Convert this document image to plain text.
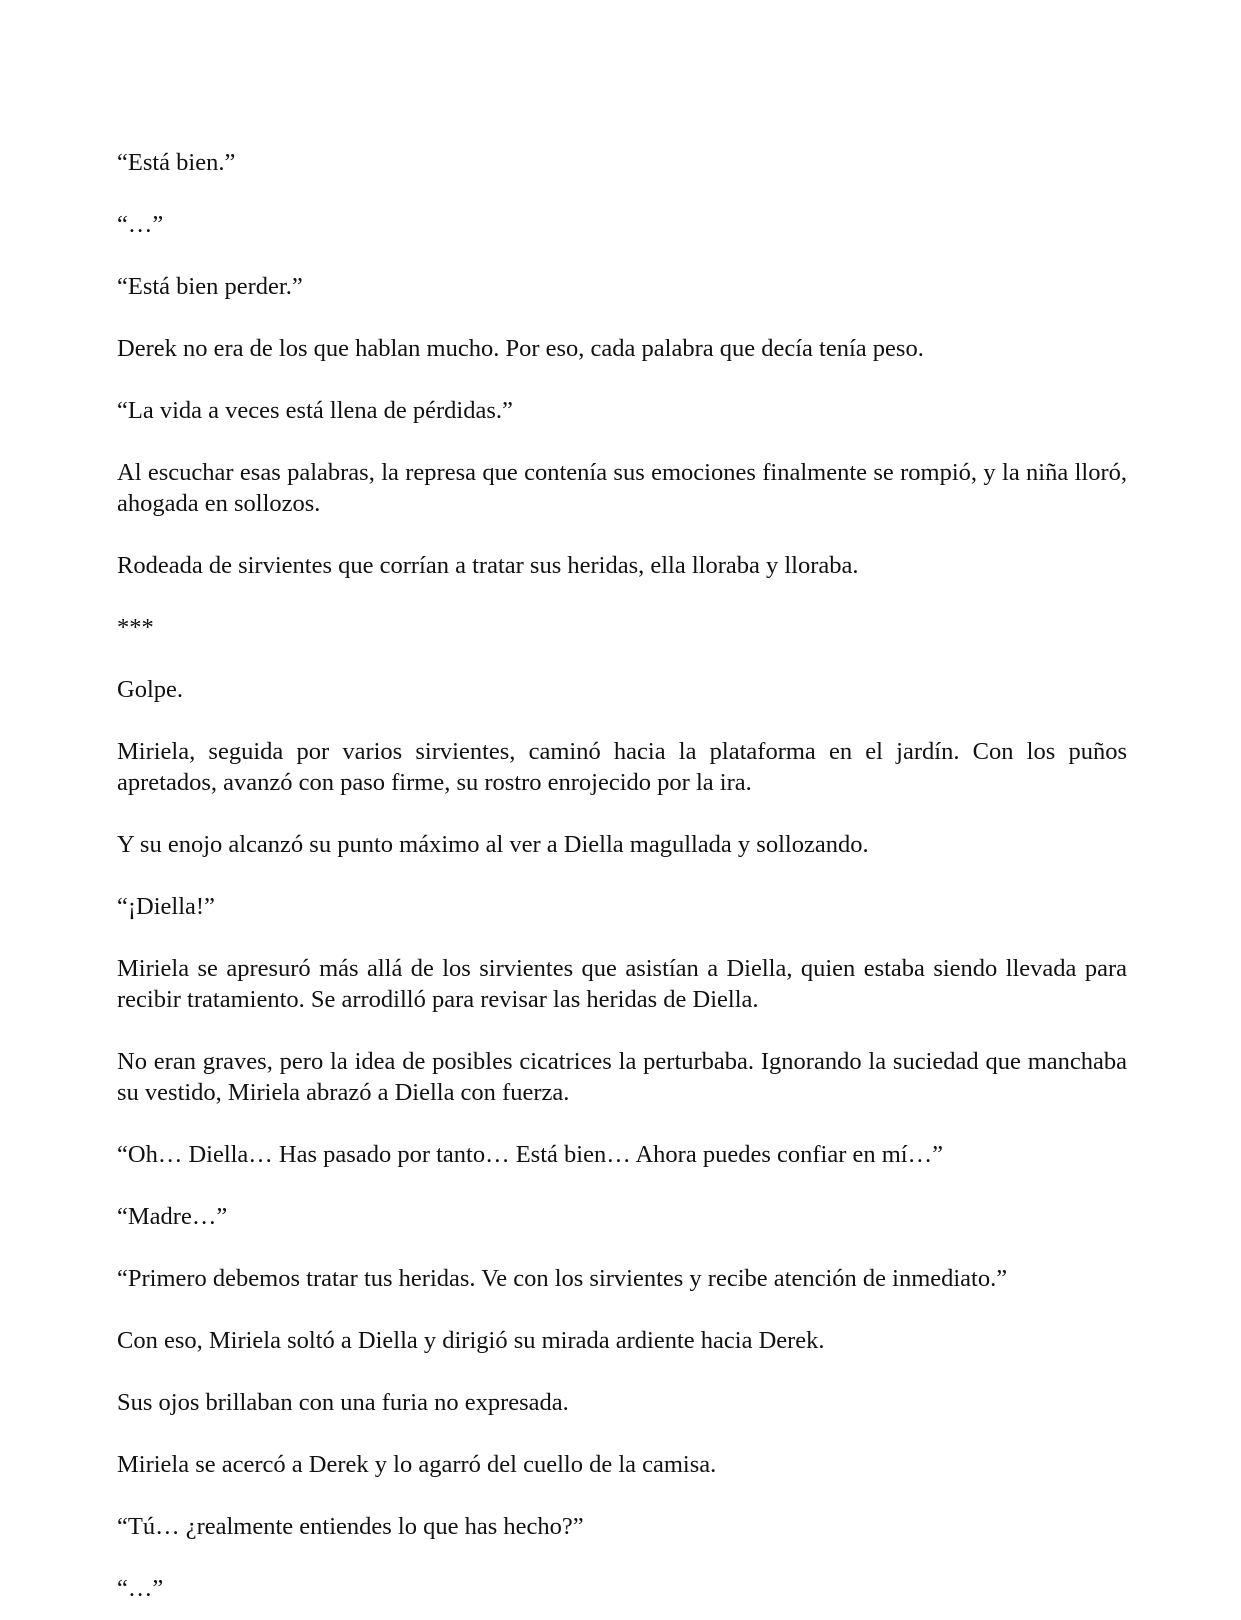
“Está bien.”

“…”

“Está bien perder.”

Derek no era de los que hablan mucho. Por eso, cada palabra que decía tenía peso.

“La vida a veces está llena de pérdidas.”

Al escuchar esas palabras, la represa que contenía sus emociones finalmente se rompió, y la niña lloró, ahogada en sollozos.

Rodeada de sirvientes que corrían a tratar sus heridas, ella lloraba y lloraba.

***

Golpe.

Miriela, seguida por varios sirvientes, caminó hacia la plataforma en el jardín. Con los puños apretados, avanzó con paso firme, su rostro enrojecido por la ira.

Y su enojo alcanzó su punto máximo al ver a Diella magullada y sollozando.

“¡Diella!”

Miriela se apresuró más allá de los sirvientes que asistían a Diella, quien estaba siendo llevada para recibir tratamiento. Se arrodilló para revisar las heridas de Diella.

No eran graves, pero la idea de posibles cicatrices la perturbaba. Ignorando la suciedad que manchaba su vestido, Miriela abrazó a Diella con fuerza.

“Oh… Diella… Has pasado por tanto… Está bien… Ahora puedes confiar en mí…”

“Madre…”

“Primero debemos tratar tus heridas. Ve con los sirvientes y recibe atención de inmediato.”

Con eso, Miriela soltó a Diella y dirigió su mirada ardiente hacia Derek.

Sus ojos brillaban con una furia no expresada.

Miriela se acercó a Derek y lo agarró del cuello de la camisa.

“Tú… ¿realmente entiendes lo que has hecho?”

“…”
